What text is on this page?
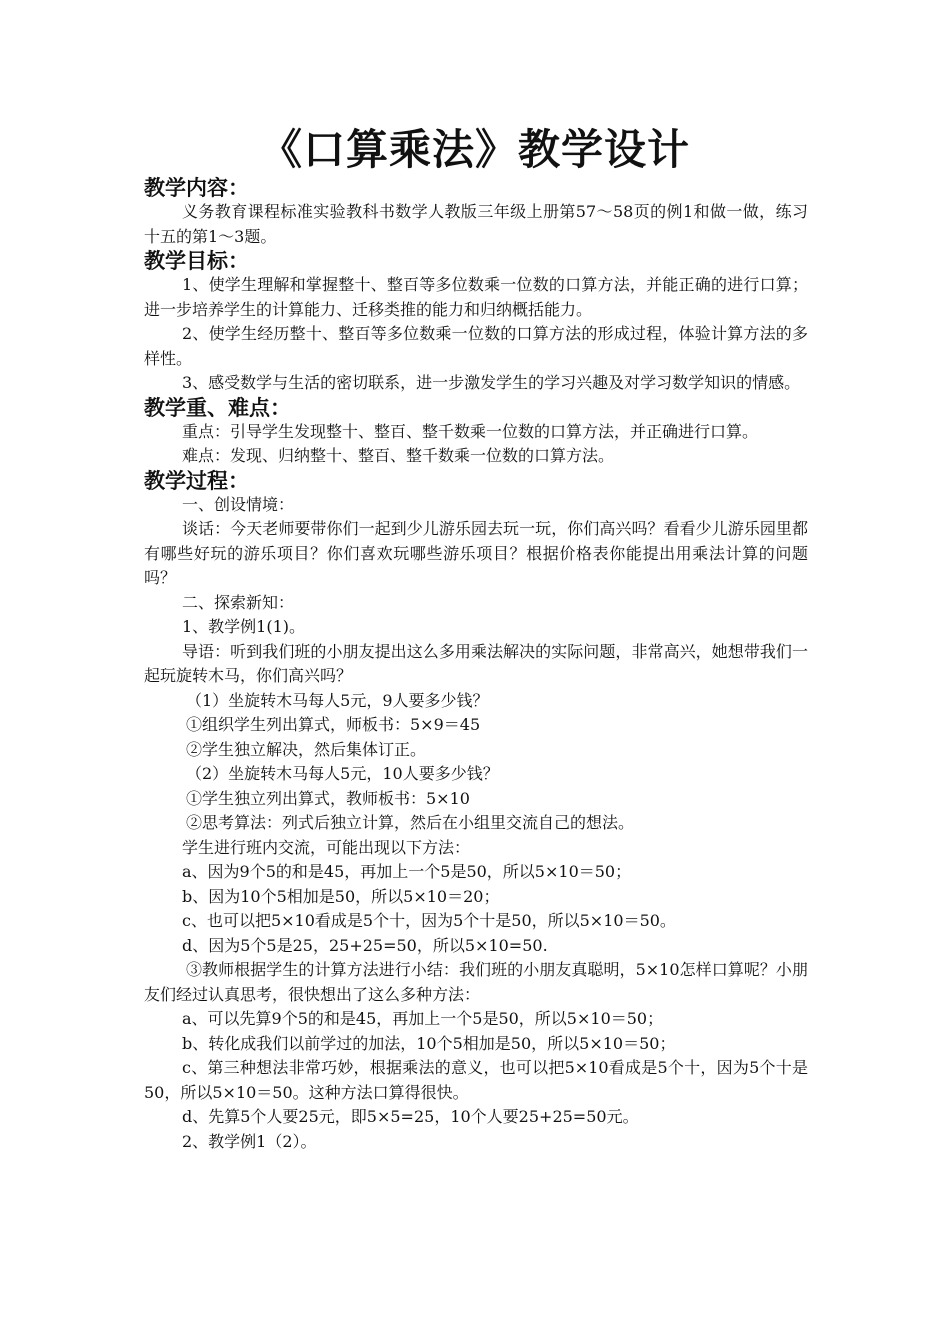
《口算乘法》教学设计

教学内容：

义务教育课程标准实验教科书数学人教版三年级上册第57～58页的例1和做一做，练习十五的第1～3题。

教学目标：

1、使学生理解和掌握整十、整百等多位数乘一位数的口算方法，并能正确的进行口算；进一步培养学生的计算能力、迁移类推的能力和归纳概括能力。

2、使学生经历整十、整百等多位数乘一位数的口算方法的形成过程，体验计算方法的多样性。

3、感受数学与生活的密切联系，进一步激发学生的学习兴趣及对学习数学知识的情感。

教学重、难点：

重点：引导学生发现整十、整百、整千数乘一位数的口算方法，并正确进行口算。

难点：发现、归纳整十、整百、整千数乘一位数的口算方法。

教学过程：

一、创设情境：

谈话：今天老师要带你们一起到少儿游乐园去玩一玩，你们高兴吗？看看少儿游乐园里都有哪些好玩的游乐项目？你们喜欢玩哪些游乐项目？根据价格表你能提出用乘法计算的问题吗？

二、探索新知：

1、教学例1(1)。

导语：听到我们班的小朋友提出这么多用乘法解决的实际问题，非常高兴，她想带我们一起玩旋转木马，你们高兴吗？

（1）坐旋转木马每人5元，9人要多少钱？

①组织学生列出算式，师板书：5×9＝45

②学生独立解决，然后集体订正。

（2）坐旋转木马每人5元，10人要多少钱？

①学生独立列出算式，教师板书：5×10

②思考算法：列式后独立计算，然后在小组里交流自己的想法。

学生进行班内交流，可能出现以下方法：

a、因为9个5的和是45，再加上一个5是50，所以5×10＝50；

b、因为10个5相加是50，所以5×10＝20；

c、也可以把5×10看成是5个十，因为5个十是50，所以5×10＝50。

d、因为5个5是25，25+25=50，所以5×10=50.

③教师根据学生的计算方法进行小结：我们班的小朋友真聪明，5×10怎样口算呢？小朋友们经过认真思考，很快想出了这么多种方法：

a、可以先算9个5的和是45，再加上一个5是50，所以5×10＝50；

b、转化成我们以前学过的加法，10个5相加是50，所以5×10＝50；

c、第三种想法非常巧妙，根据乘法的意义，也可以把5×10看成是5个十，因为5个十是50，所以5×10＝50。这种方法口算得很快。

d、先算5个人要25元，即5×5=25，10个人要25+25=50元。

2、教学例1（2）。
